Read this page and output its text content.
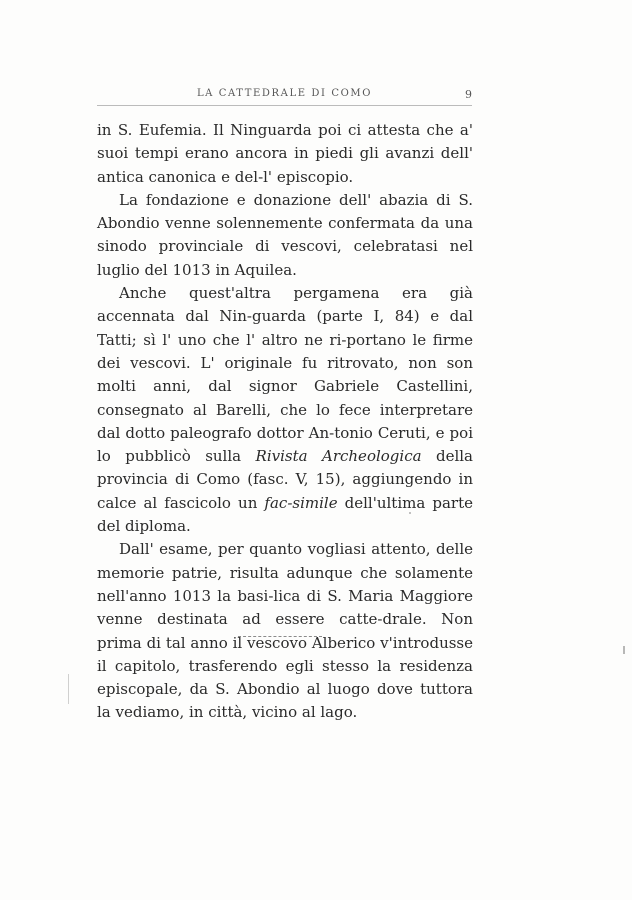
LA CATTEDRALE DI COMO	9

in S. Eufemia. Il Ninguarda poi ci attesta che a' suoi tempi erano ancora in piedi gli avanzi dell' antica canonica e del-l' episcopio.

La fondazione e donazione dell' abazia di S. Abondio venne solennemente confermata da una sinodo provinciale di vescovi, celebratasi nel luglio del 1013 in Aquilea.

Anche quest'altra pergamena era già accennata dal Nin-guarda (parte I, 84) e dal Tatti; sì l' uno che l' altro ne ri-portano le firme dei vescovi. L' originale fu ritrovato, non son molti anni, dal signor Gabriele Castellini, consegnato al Barelli, che lo fece interpretare dal dotto paleografo dottor An-tonio Ceruti, e poi lo pubblicò sulla Rivista Archeologica della provincia di Como (fasc. V, 15), aggiungendo in calce al fascicolo un fac-simile dell'ultima parte del diploma.

Dall' esame, per quanto vogliasi attento, delle memorie patrie, risulta adunque che solamente nell'anno 1013 la basi-lica di S. Maria Maggiore venne destinata ad essere catte-drale. Non prima di tal anno il vescovo Alberico v'introdusse il capitolo, trasferendo egli stesso la residenza episcopale, da S. Abondio al luogo dove tuttora la vediamo, in città, vicino al lago.
